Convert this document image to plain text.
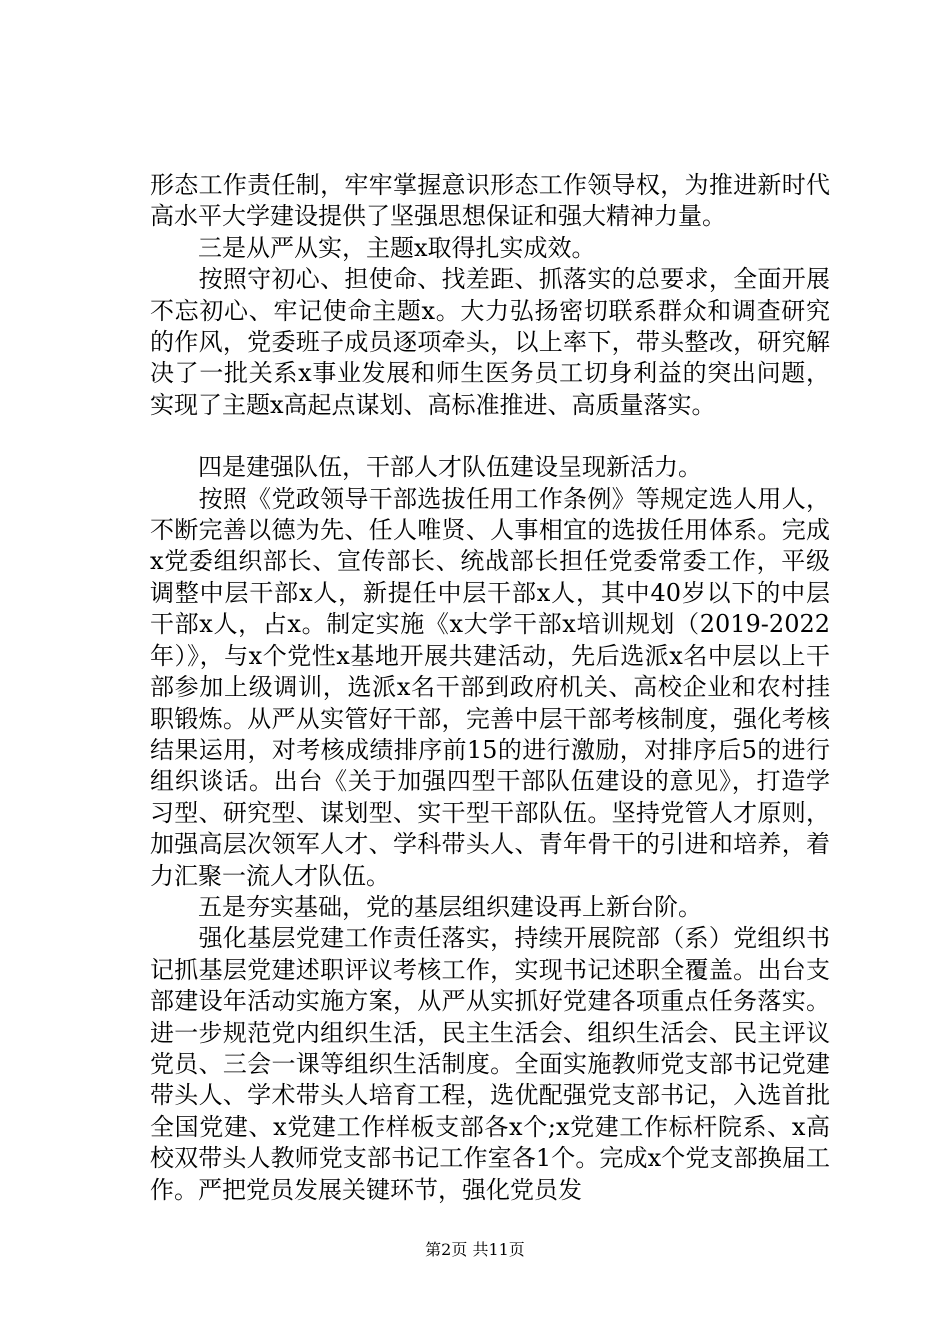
形态工作责任制，牢牢掌握意识形态工作领导权，为推进新时代高水平大学建设提供了坚强思想保证和强大精神力量。

　　三是从严从实，主题x取得扎实成效。

　　按照守初心、担使命、找差距、抓落实的总要求，全面开展不忘初心、牢记使命主题x。大力弘扬密切联系群众和调查研究的作风，党委班子成员逐项牵头，以上率下，带头整改，研究解决了一批关系x事业发展和师生医务员工切身利益的突出问题，实现了主题x高起点谋划、高标准推进、高质量落实。

　　四是建强队伍，干部人才队伍建设呈现新活力。

　　按照《党政领导干部选拔任用工作条例》等规定选人用人，不断完善以德为先、任人唯贤、人事相宜的选拔任用体系。完成x党委组织部长、宣传部长、统战部长担任党委常委工作，平级调整中层干部x人，新提任中层干部x人，其中40岁以下的中层干部x人，占x。制定实施《x大学干部x培训规划（2019-2022年）》，与x个党性x基地开展共建活动，先后选派x名中层以上干部参加上级调训，选派x名干部到政府机关、高校企业和农村挂职锻炼。从严从实管好干部，完善中层干部考核制度，强化考核结果运用，对考核成绩排序前15的进行激励，对排序后5的进行组织谈话。出台《关于加强四型干部队伍建设的意见》，打造学习型、研究型、谋划型、实干型干部队伍。坚持党管人才原则，加强高层次领军人才、学科带头人、青年骨干的引进和培养，着力汇聚一流人才队伍。

　　五是夯实基础，党的基层组织建设再上新台阶。

　　强化基层党建工作责任落实，持续开展院部（系）党组织书记抓基层党建述职评议考核工作，实现书记述职全覆盖。出台支部建设年活动实施方案，从严从实抓好党建各项重点任务落实。进一步规范党内组织生活，民主生活会、组织生活会、民主评议党员、三会一课等组织生活制度。全面实施教师党支部书记党建带头人、学术带头人培育工程，选优配强党支部书记，入选首批全国党建、x党建工作样板支部各x个;x党建工作标杆院系、x高校双带头人教师党支部书记工作室各1个。完成x个党支部换届工作。严把党员发展关键环节，强化党员发

第2页 共11页
